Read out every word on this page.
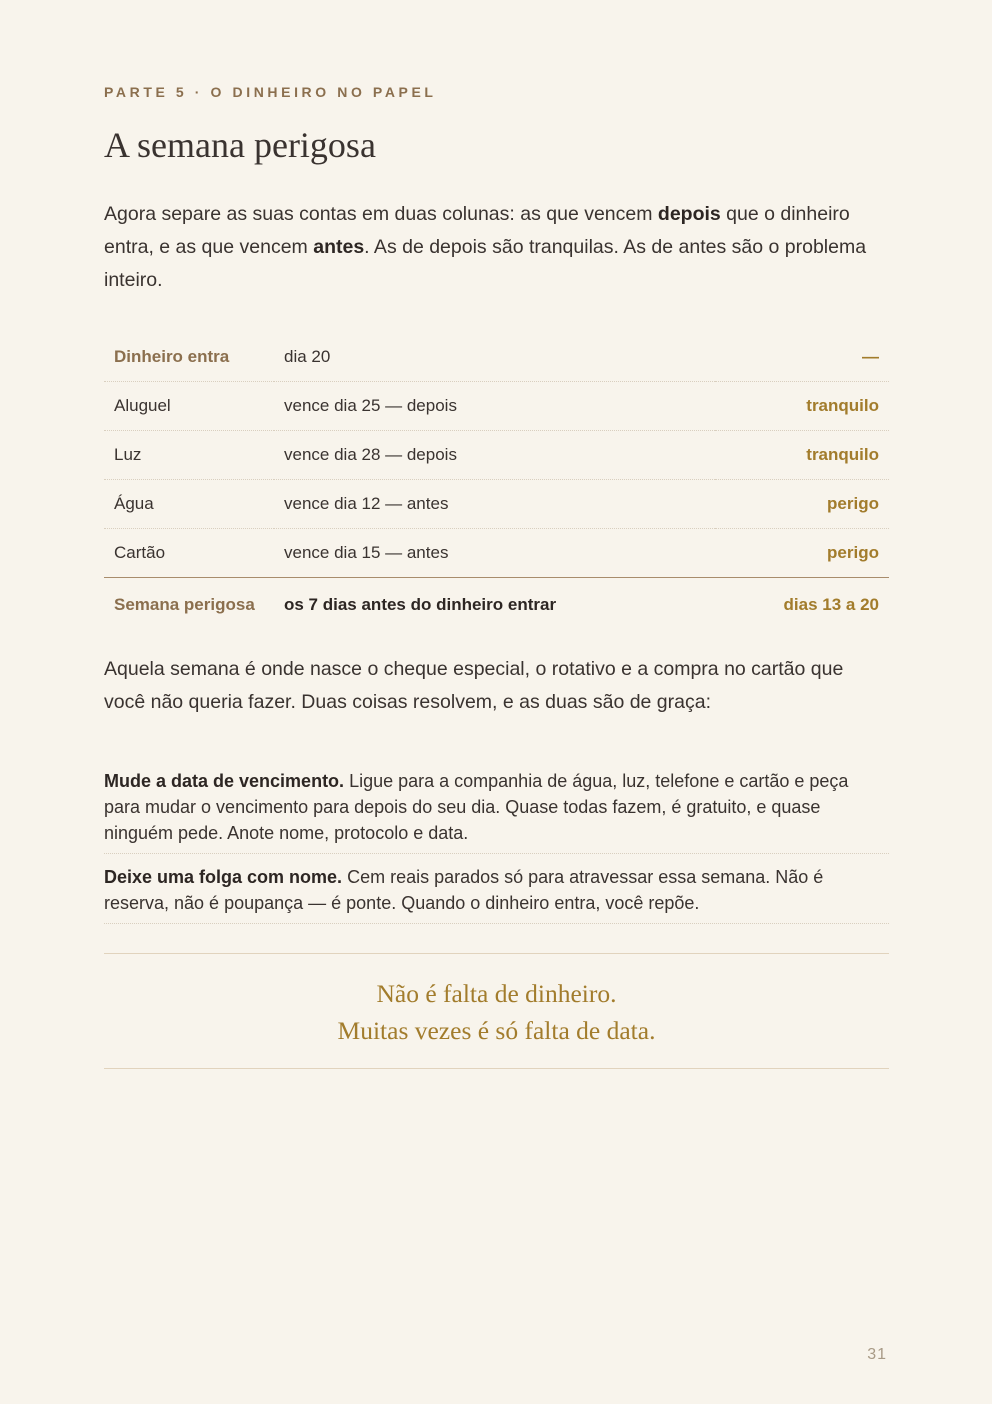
PARTE 5 · O DINHEIRO NO PAPEL
A semana perigosa

Agora separe as suas contas em duas colunas: as que vencem depois que o dinheiro entra, e as que vencem antes. As de depois são tranquilas. As de antes são o problema inteiro.

Dinheiro entra	dia 20	—
Aluguel	vence dia 25 — depois	tranquilo
Luz	vence dia 28 — depois	tranquilo
Água	vence dia 12 — antes	perigo
Cartão	vence dia 15 — antes	perigo
Semana perigosa	os 7 dias antes do dinheiro entrar	dias 13 a 20

Aquela semana é onde nasce o cheque especial, o rotativo e a compra no cartão que você não queria fazer. Duas coisas resolvem, e as duas são de graça:

Mude a data de vencimento. Ligue para a companhia de água, luz, telefone e cartão e peça para mudar o vencimento para depois do seu dia. Quase todas fazem, é gratuito, e quase ninguém pede. Anote nome, protocolo e data.
Deixe uma folga com nome. Cem reais parados só para atravessar essa semana. Não é reserva, não é poupança — é ponte. Quando o dinheiro entra, você repõe.
Não é falta de dinheiro.
Muitas vezes é só falta de data.
31
